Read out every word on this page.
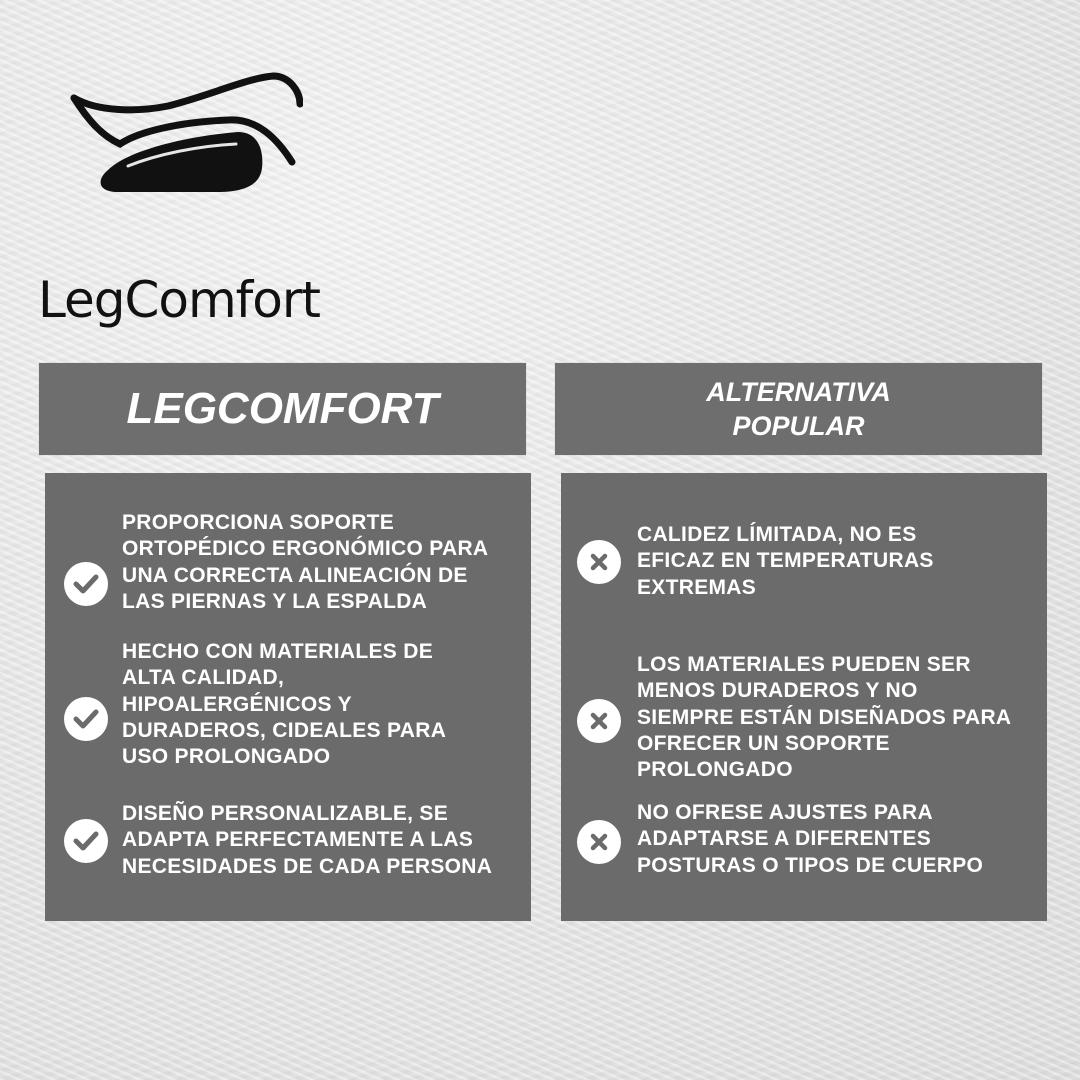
LegComfort
LEGCOMFORT	ALTERNATIVA
POPULAR
PROPORCIONA SOPORTE
ORTOPÉDICO ERGONÓMICO PARA
UNA CORRECTA ALINEACIÓN DE
LAS PIERNAS Y LA ESPALDA
HECHO CON MATERIALES DE
ALTA CALIDAD,
HIPOALERGÉNICOS Y
DURADEROS, CIDEALES PARA
USO PROLONGADO
DISEÑO PERSONALIZABLE, SE
ADAPTA PERFECTAMENTE A LAS
NECESIDADES DE CADA PERSONA
CALIDEZ LÍMITADA, NO ES
EFICAZ EN TEMPERATURAS
EXTREMAS
LOS MATERIALES PUEDEN SER
MENOS DURADEROS Y NO
SIEMPRE ESTÁN DISEÑADOS PARA
OFRECER UN SOPORTE
PROLONGADO
NO OFRESE AJUSTES PARA
ADAPTARSE A DIFERENTES
POSTURAS O TIPOS DE CUERPO
